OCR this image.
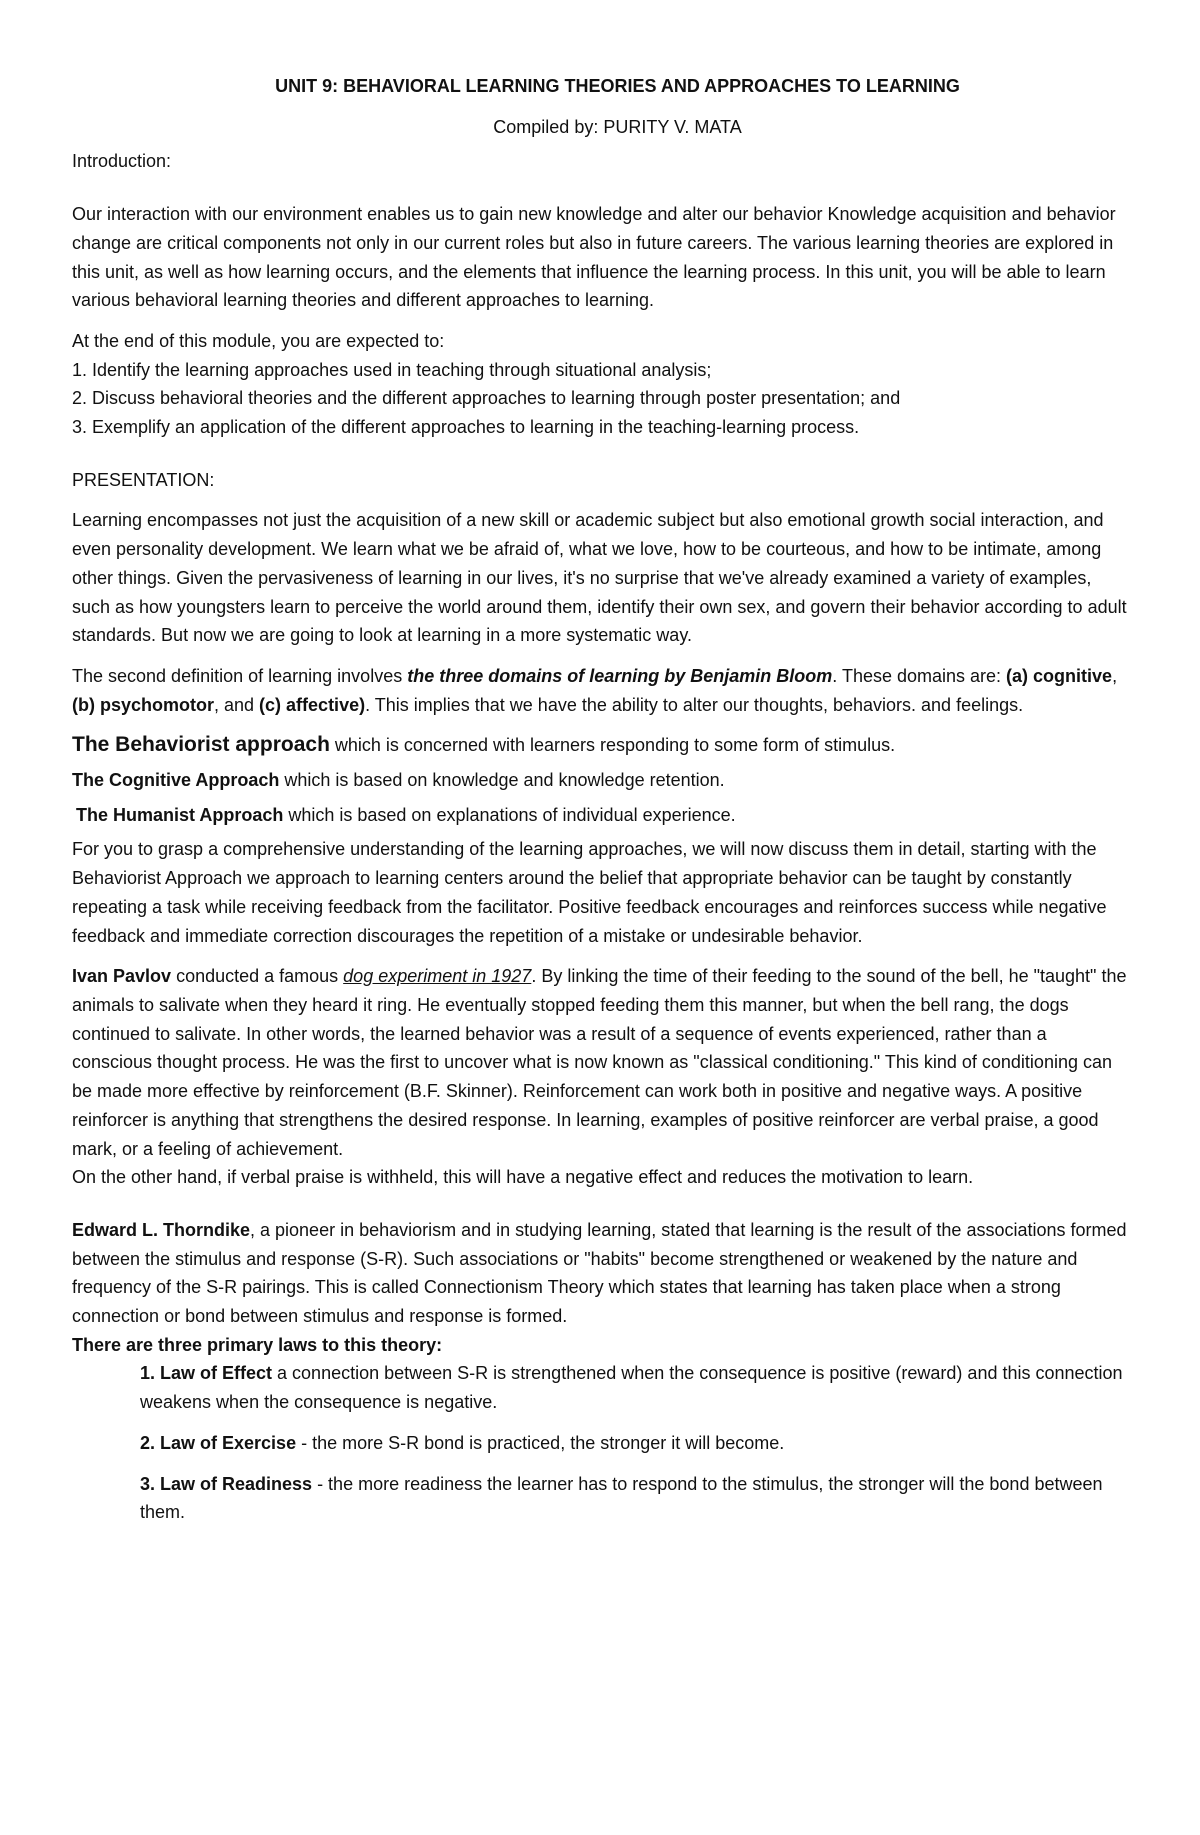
UNIT 9: BEHAVIORAL LEARNING THEORIES AND APPROACHES TO LEARNING

Compiled by: PURITY V. MATA

Introduction:

Our interaction with our environment enables us to gain new knowledge and alter our behavior Knowledge acquisition and behavior change are critical components not only in our current roles but also in future careers. The various learning theories are explored in this unit, as well as how learning occurs, and the elements that influence the learning process. In this unit, you will be able to learn various behavioral learning theories and different approaches to learning.

At the end of this module, you are expected to:

1. Identify the learning approaches used in teaching through situational analysis;

2. Discuss behavioral theories and the different approaches to learning through poster presentation; and

3. Exemplify an application of the different approaches to learning in the teaching-learning process.

PRESENTATION:

Learning encompasses not just the acquisition of a new skill or academic subject but also emotional growth social interaction, and even personality development. We learn what we be afraid of, what we love, how to be courteous, and how to be intimate, among other things. Given the pervasiveness of learning in our lives, it's no surprise that we've already examined a variety of examples, such as how youngsters learn to perceive the world around them, identify their own sex, and govern their behavior according to adult standards. But now we are going to look at learning in a more systematic way.

The second definition of learning involves the three domains of learning by Benjamin Bloom. These domains are: (a) cognitive, (b) psychomotor, and (c) affective). This implies that we have the ability to alter our thoughts, behaviors. and feelings.

The Behaviorist approach which is concerned with learners responding to some form of stimulus.

The Cognitive Approach which is based on knowledge and knowledge retention.

The Humanist Approach which is based on explanations of individual experience.

For you to grasp a comprehensive understanding of the learning approaches, we will now discuss them in detail, starting with the Behaviorist Approach we approach to learning centers around the belief that appropriate behavior can be taught by constantly repeating a task while receiving feedback from the facilitator. Positive feedback encourages and reinforces success while negative feedback and immediate correction discourages the repetition of a mistake or undesirable behavior.

Ivan Pavlov conducted a famous dog experiment in 1927. By linking the time of their feeding to the sound of the bell, he "taught" the animals to salivate when they heard it ring. He eventually stopped feeding them this manner, but when the bell rang, the dogs continued to salivate. In other words, the learned behavior was a result of a sequence of events experienced, rather than a conscious thought process. He was the first to uncover what is now known as "classical conditioning." This kind of conditioning can be made more effective by reinforcement (B.F. Skinner). Reinforcement can work both in positive and negative ways. A positive reinforcer is anything that strengthens the desired response. In learning, examples of positive reinforcer are verbal praise, a good mark, or a feeling of achievement.

On the other hand, if verbal praise is withheld, this will have a negative effect and reduces the motivation to learn.

Edward L. Thorndike, a pioneer in behaviorism and in studying learning, stated that learning is the result of the associations formed between the stimulus and response (S-R). Such associations or "habits" become strengthened or weakened by the nature and frequency of the S-R pairings. This is called Connectionism Theory which states that learning has taken place when a strong connection or bond between stimulus and response is formed.

There are three primary laws to this theory:

1. Law of Effect a connection between S-R is strengthened when the consequence is positive (reward) and this connection weakens when the consequence is negative.

2. Law of Exercise - the more S-R bond is practiced, the stronger it will become.

3. Law of Readiness - the more readiness the learner has to respond to the stimulus, the stronger will the bond between them.
